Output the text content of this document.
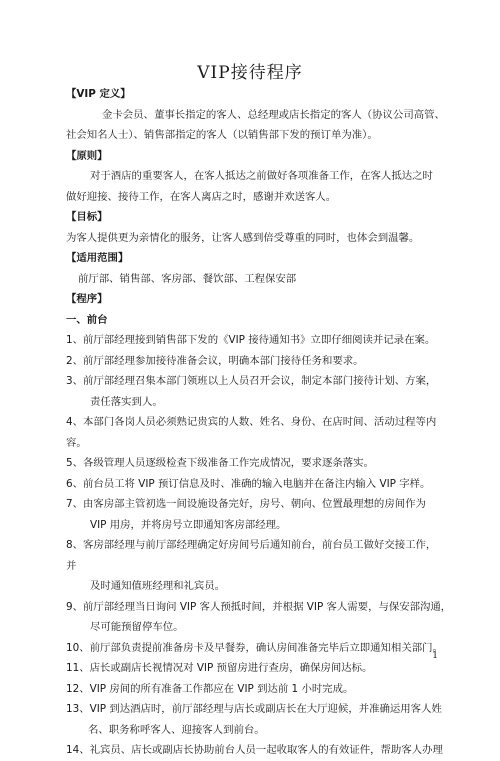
VIP接待程序
【VIP 定义】
金卡会员、董事长指定的客人、总经理或店长指定的客人（协议公司高管、
社会知名人士）、销售部指定的客人（以销售部下发的预订单为准）。
【原则】
对于酒店的重要客人，在客人抵达之前做好各项准备工作，在客人抵达之时
做好迎接、接待工作，在客人离店之时，感谢并欢送客人。
【目标】
为客人提供更为亲情化的服务，让客人感到倍受尊重的同时，也体会到温馨。
【适用范围】
前厅部、销售部、客房部、餐饮部、工程保安部
【程序】
一、前台
1、前厅部经理接到销售部下发的《VIP 接待通知书》立即仔细阅读并记录在案。
2、前厅部经理参加接待准备会议，明确本部门接待任务和要求。
3、前厅部经理召集本部门领班以上人员召开会议，制定本部门接待计划、方案，
责任落实到人。
4、本部门各岗人员必须熟记贵宾的人数、姓名、身份、在店时间、活动过程等内
容。
5、各级管理人员逐级检查下级准备工作完成情况，要求逐条落实。
6、前台员工将 VIP 预订信息及时、准确的输入电脑并在备注内输入 VIP 字样。
7、由客房部主管初选一间设施设备完好，房号、朝向、位置最理想的房间作为
VIP 用房，并将房号立即通知客房部经理。
8、客房部经理与前厅部经理确定好房间号后通知前台，前台员工做好交接工作，
并
及时通知值班经理和礼宾员。
9、前厅部经理当日询问 VIP 客人预抵时间，并根据 VIP 客人需要，与保安部沟通，
尽可能预留停车位。
10、前厅部负责提前准备房卡及早餐券，确认房间准备完毕后立即通知相关部门。
11、店长或副店长视情况对 VIP 预留房进行查房，确保房间达标。
12、VIP 房间的所有准备工作都应在 VIP 到达前 1 小时完成。
13、VIP 到达酒店时，前厅部经理与店长或副店长在大厅迎候，并准确运用客人姓
名、职务称呼客人、迎接客人到前台。
14、礼宾员、店长或副店长协助前台人员一起收取客人的有效证件，帮助客人办理
1
